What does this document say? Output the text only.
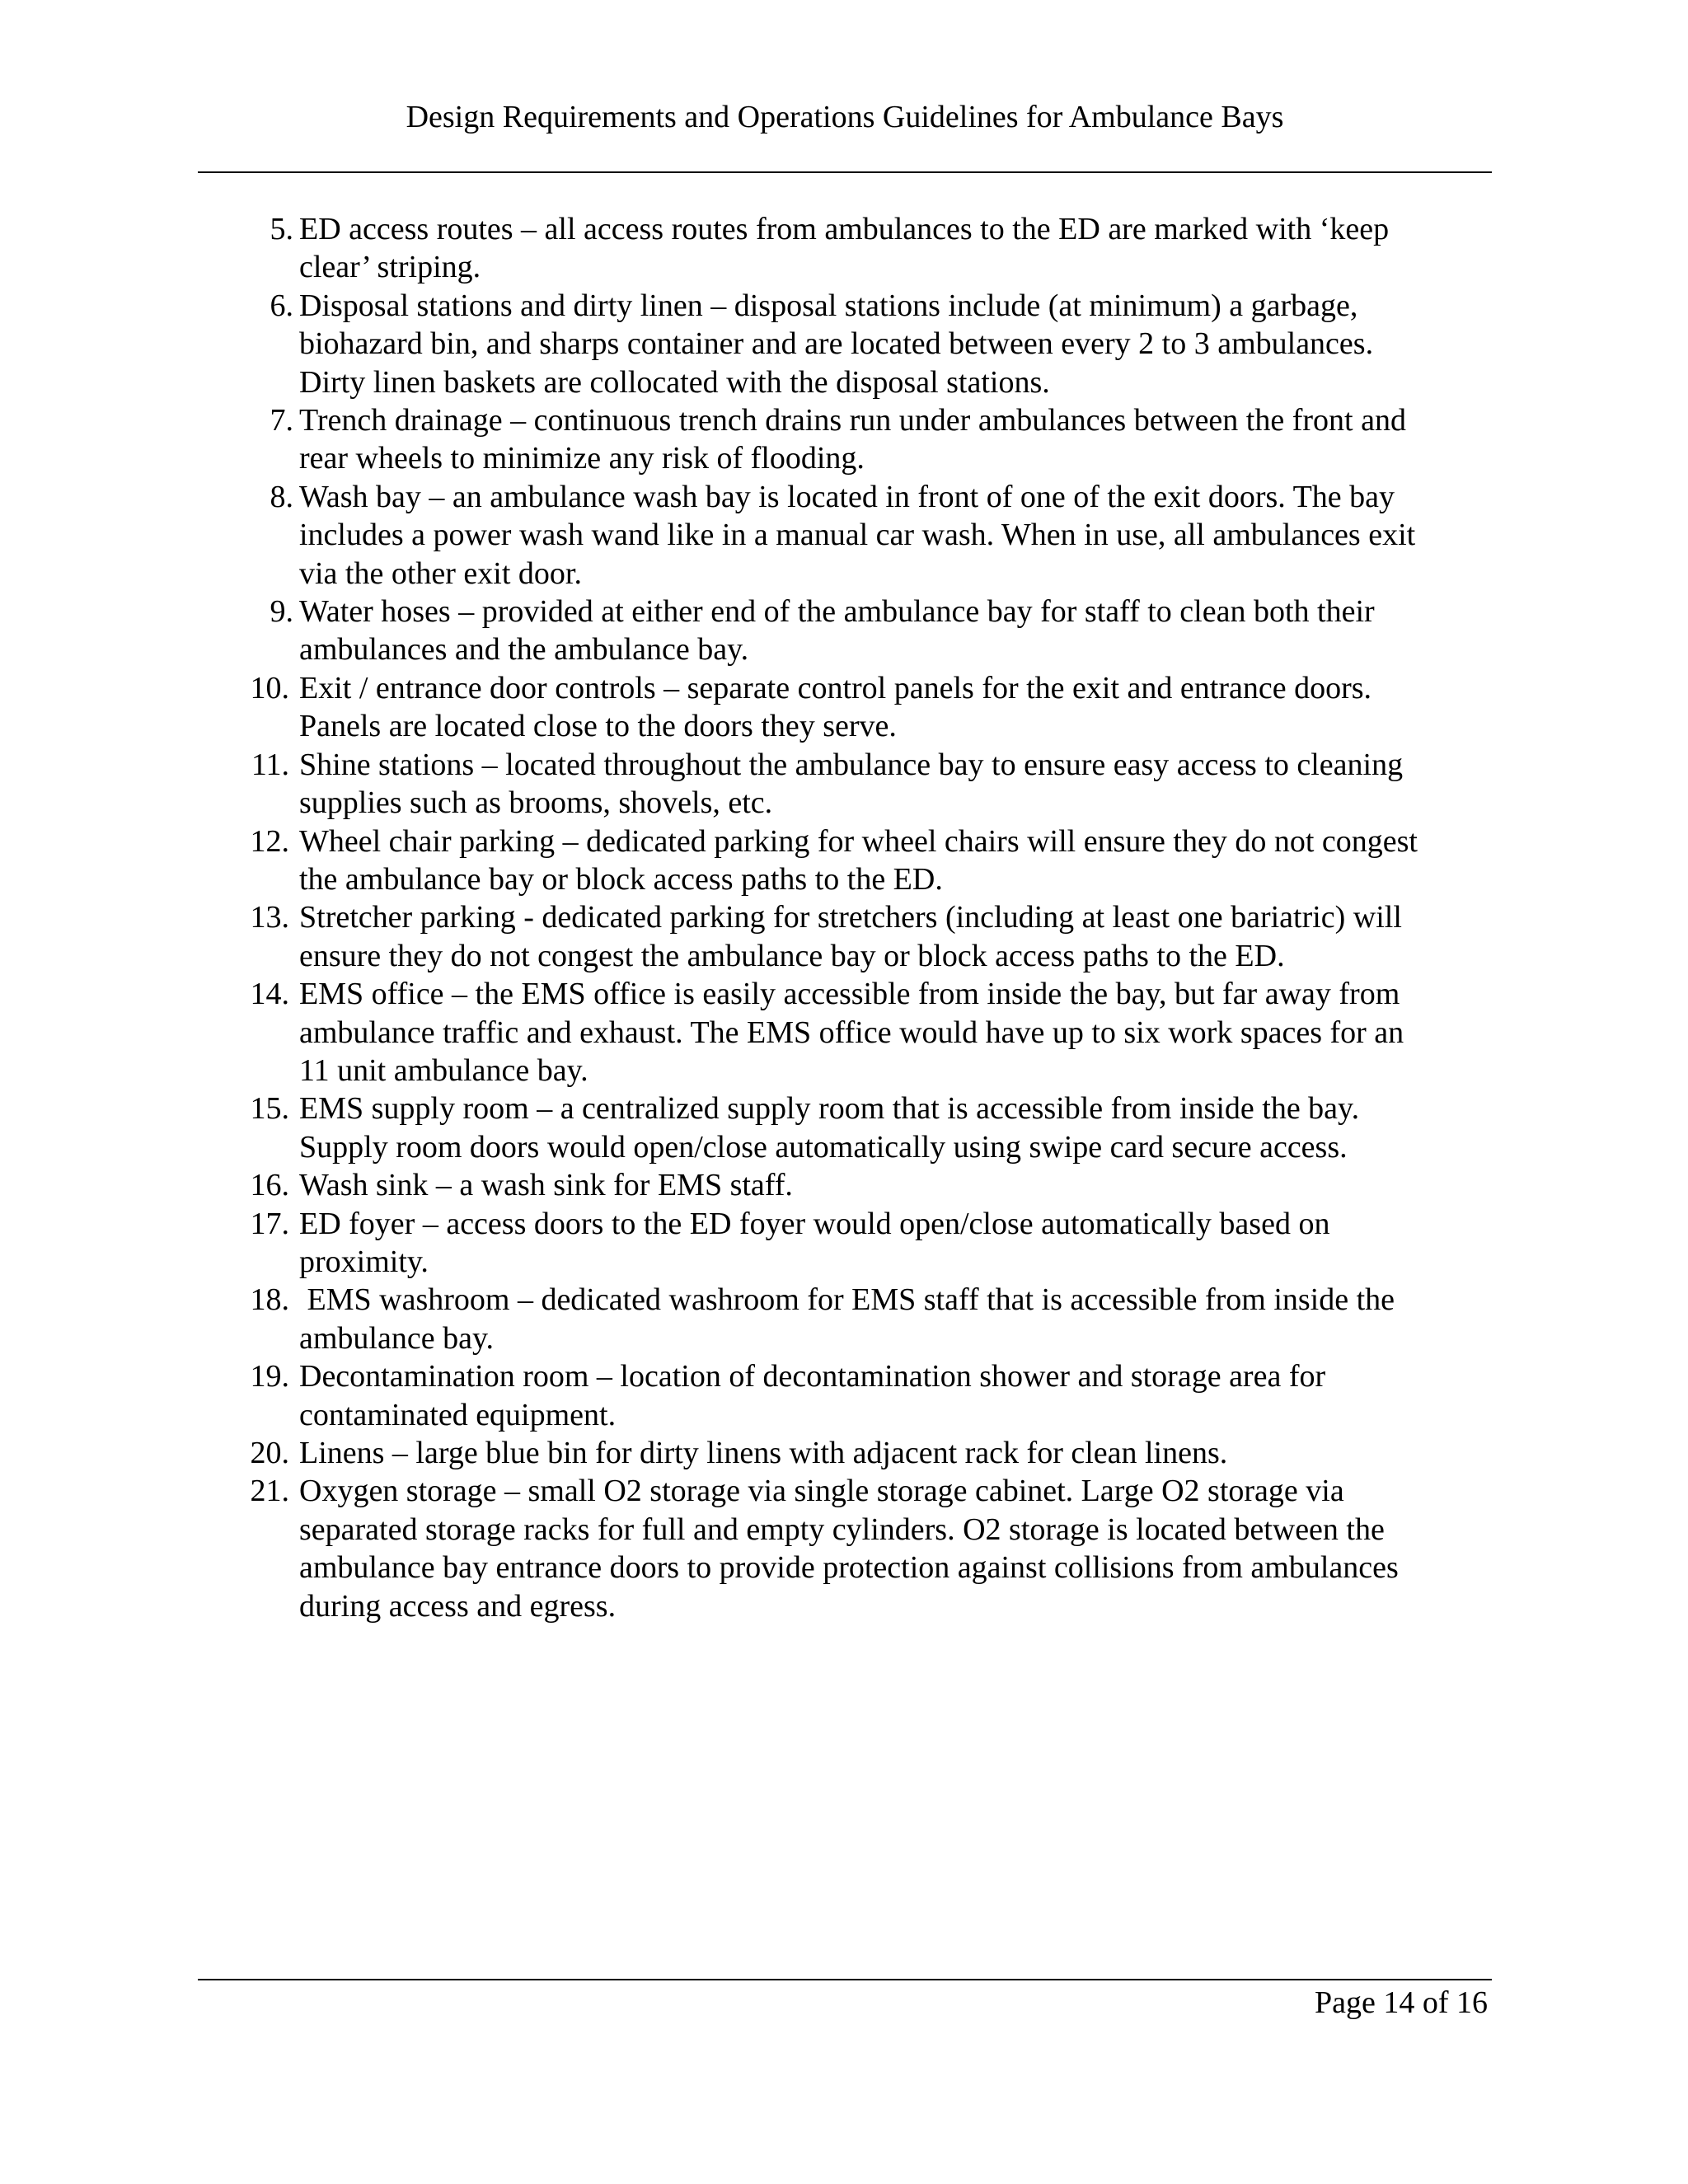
Design Requirements and Operations Guidelines for Ambulance Bays
5. ED access routes – all access routes from ambulances to the ED are marked with ‘keep
clear’ striping.
6. Disposal stations and dirty linen – disposal stations include (at minimum) a garbage,
biohazard bin, and sharps container and are located between every 2 to 3 ambulances.
Dirty linen baskets are collocated with the disposal stations.
7. Trench drainage – continuous trench drains run under ambulances between the front and
rear wheels to minimize any risk of flooding.
8. Wash bay – an ambulance wash bay is located in front of one of the exit doors. The bay
includes a power wash wand like in a manual car wash. When in use, all ambulances exit
via the other exit door.
9. Water hoses – provided at either end of the ambulance bay for staff to clean both their
ambulances and the ambulance bay.
10. Exit / entrance door controls – separate control panels for the exit and entrance doors.
Panels are located close to the doors they serve.
11. Shine stations – located throughout the ambulance bay to ensure easy access to cleaning
supplies such as brooms, shovels, etc.
12. Wheel chair parking – dedicated parking for wheel chairs will ensure they do not congest
the ambulance bay or block access paths to the ED.
13. Stretcher parking - dedicated parking for stretchers (including at least one bariatric) will
ensure they do not congest the ambulance bay or block access paths to the ED.
14. EMS office – the EMS office is easily accessible from inside the bay, but far away from
ambulance traffic and exhaust. The EMS office would have up to six work spaces for an
11 unit ambulance bay.
15. EMS supply room – a centralized supply room that is accessible from inside the bay.
Supply room doors would open/close automatically using swipe card secure access.
16. Wash sink – a wash sink for EMS staff.
17. ED foyer – access doors to the ED foyer would open/close automatically based on
proximity.
18. EMS washroom – dedicated washroom for EMS staff that is accessible from inside the
ambulance bay.
19. Decontamination room – location of decontamination shower and storage area for
contaminated equipment.
20. Linens – large blue bin for dirty linens with adjacent rack for clean linens.
21. Oxygen storage – small O2 storage via single storage cabinet. Large O2 storage via
separated storage racks for full and empty cylinders. O2 storage is located between the
ambulance bay entrance doors to provide protection against collisions from ambulances
during access and egress.
Page 14 of 16
